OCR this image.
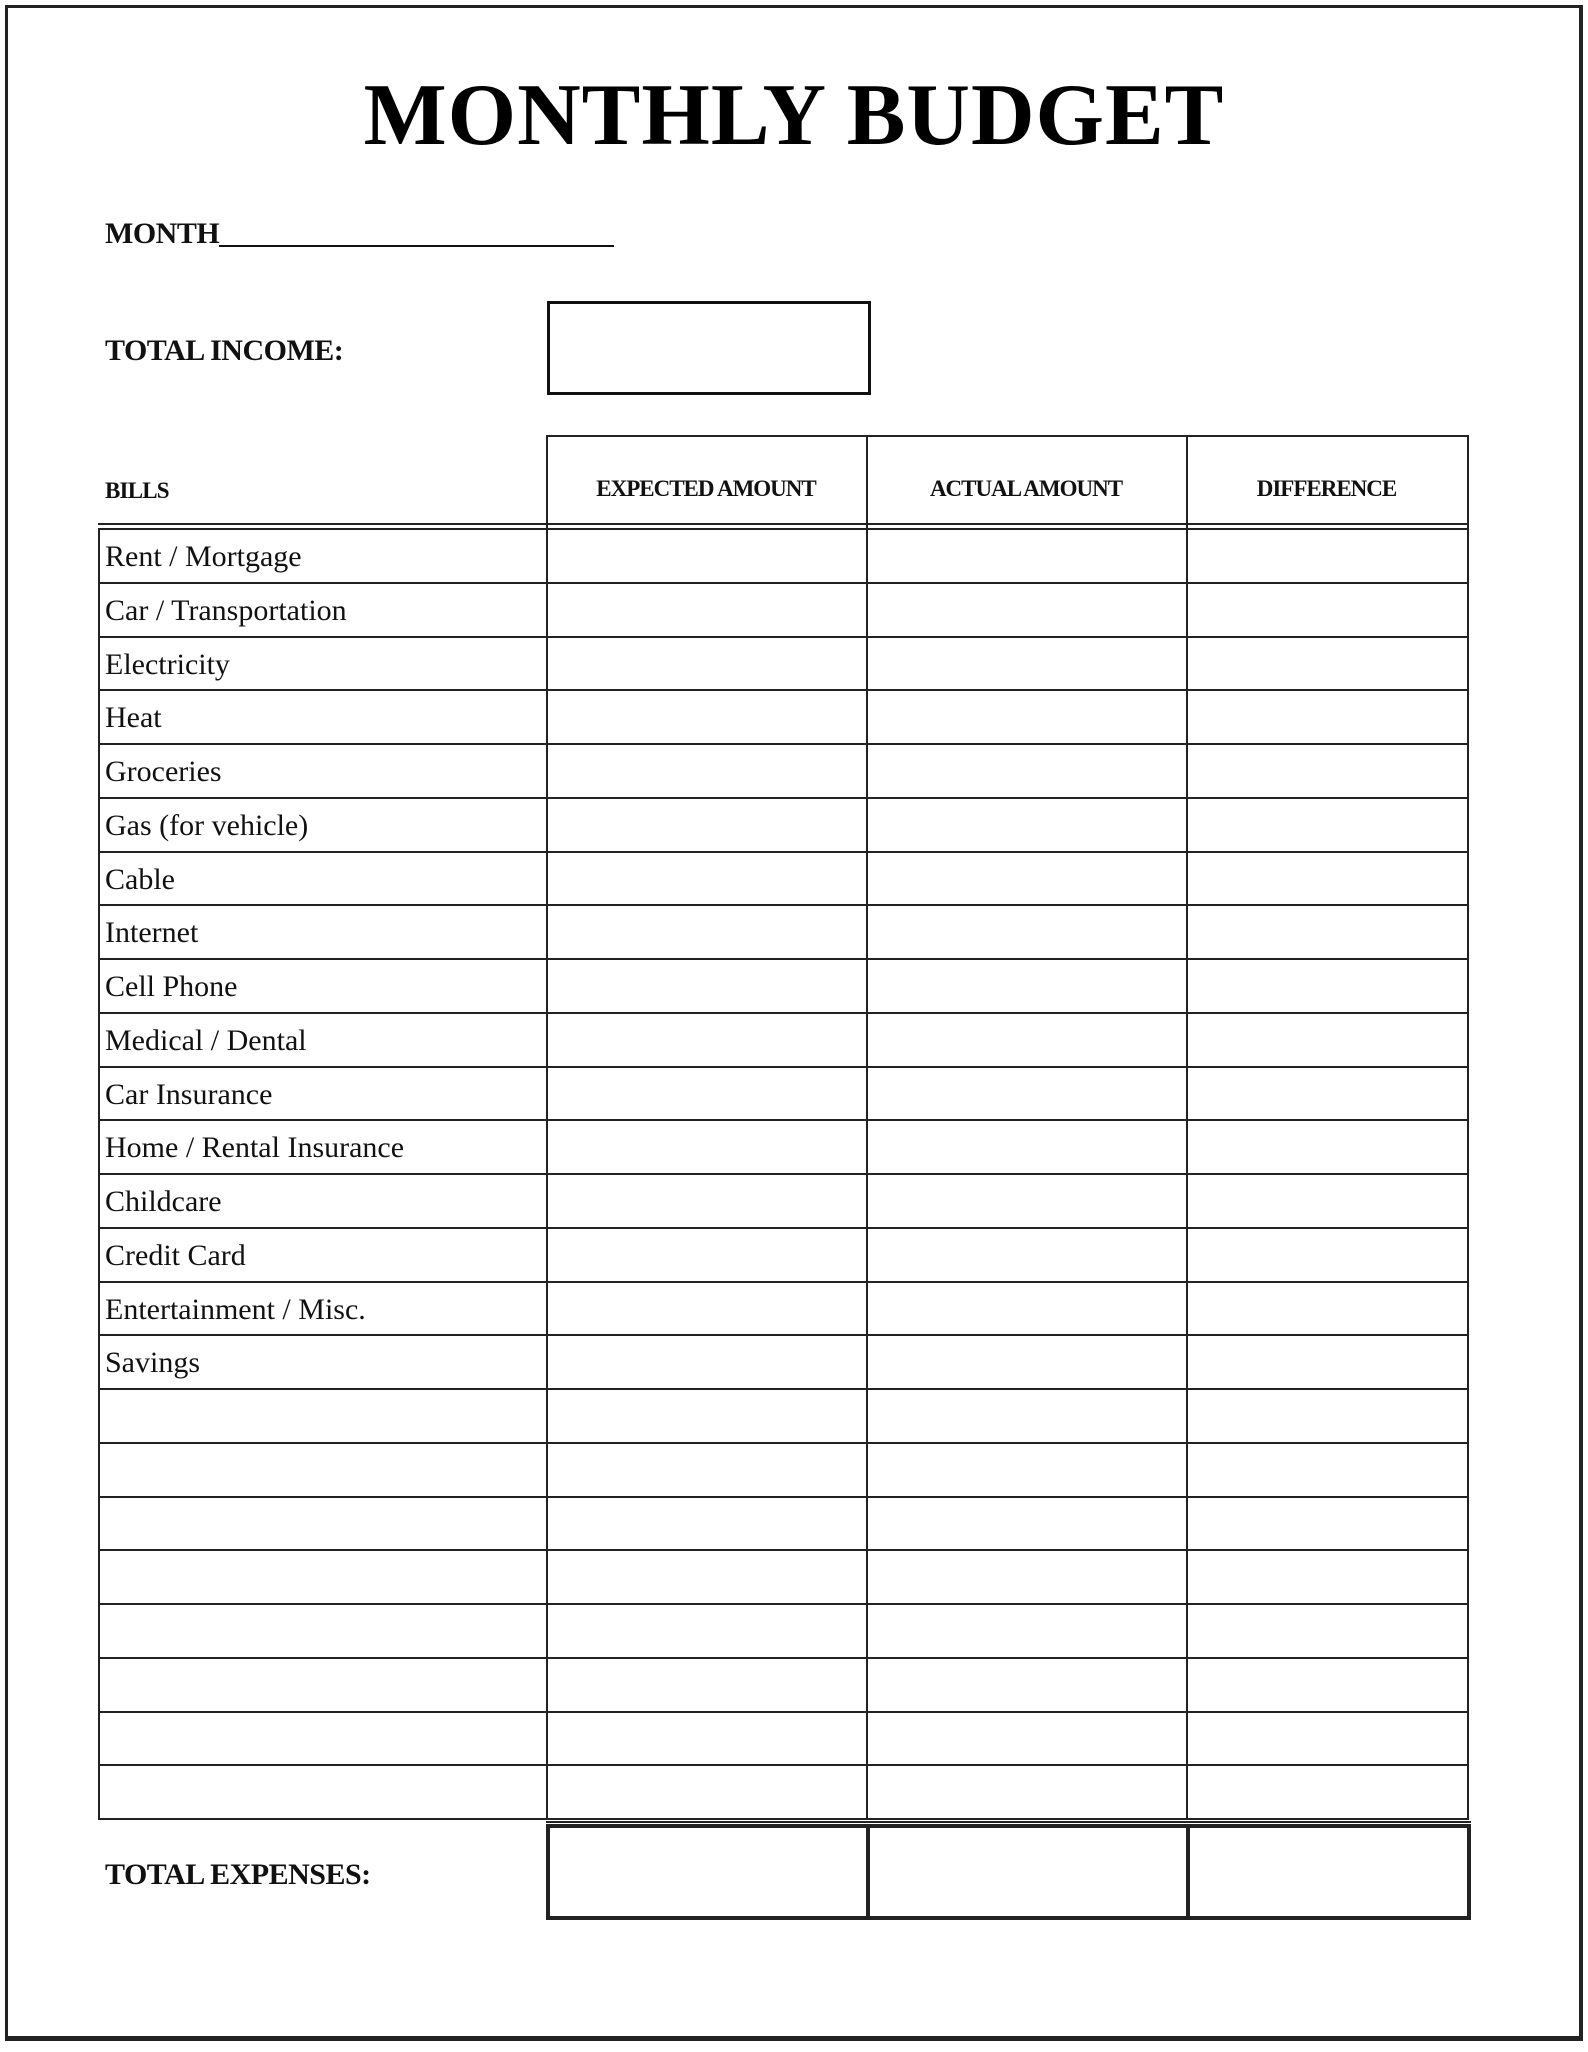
MONTHLY BUDGET
MONTH
TOTAL INCOME:
BILLS	EXPECTED AMOUNT	ACTUAL AMOUNT	DIFFERENCE
Rent / Mortgage
Car / Transportation
Electricity
Heat
Groceries
Gas (for vehicle)
Cable
Internet
Cell Phone
Medical / Dental
Car Insurance
Home / Rental Insurance
Childcare
Credit Card
Entertainment / Misc.
Savings
TOTAL EXPENSES:
